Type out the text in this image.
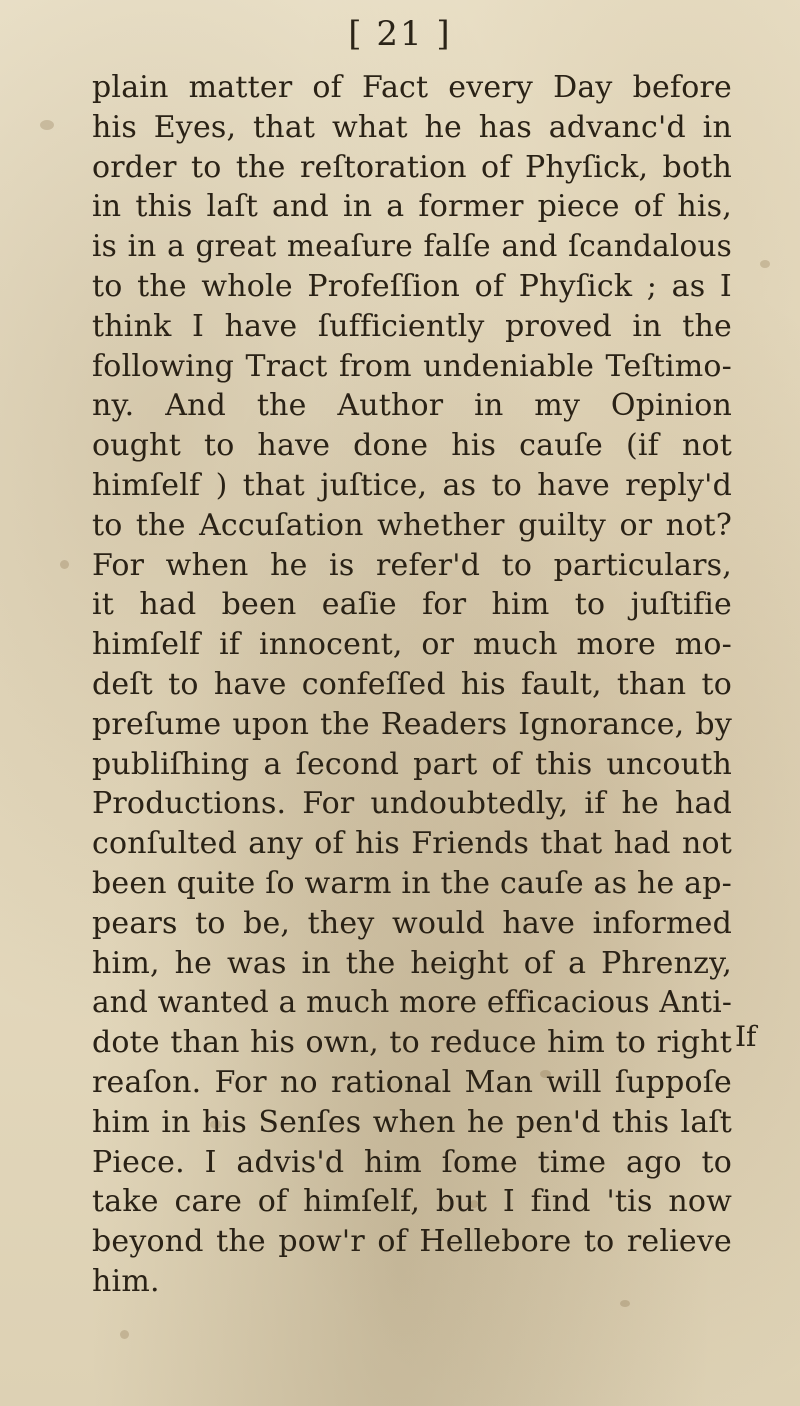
[ 21 ]
plain matter of Fact every Day before
his Eyes, that what he has advanc'd in
order to the reſtoration of Phyſick, both
in this laſt and in a former piece of his,
is in a great meaſure falſe and ſcandalous
to the whole Profeſſion of Phyſick ; as I
think I have ſufficiently proved in the
following Tract from undeniable Teſtimo-
ny. And the Author in my Opinion
ought to have done his cauſe (if not
himſelf ) that juſtice, as to have reply'd
to the Accuſation whether guilty or not?
For when he is refer'd to particulars,
it had been eaſie for him to juſtifie
himſelf if innocent, or much more mo-
deſt to have confeſſed his fault, than to
preſume upon the Readers Ignorance, by
publiſhing a ſecond part of this uncouth
Productions. For undoubtedly, if he had
conſulted any of his Friends that had not
been quite ſo warm in the cauſe as he ap-
pears to be, they would have informed
him, he was in the height of a Phrenzy,
and wanted a much more efficacious Anti-
dote than his own, to reduce him to right
reaſon. For no rational Man will ſuppoſe
him in his Senſes when he pen'd this laſt
Piece. I advis'd him ſome time ago to
take care of himſelf, but I find 'tis now
beyond the pow'r of Hellebore to relieve
him.
If
